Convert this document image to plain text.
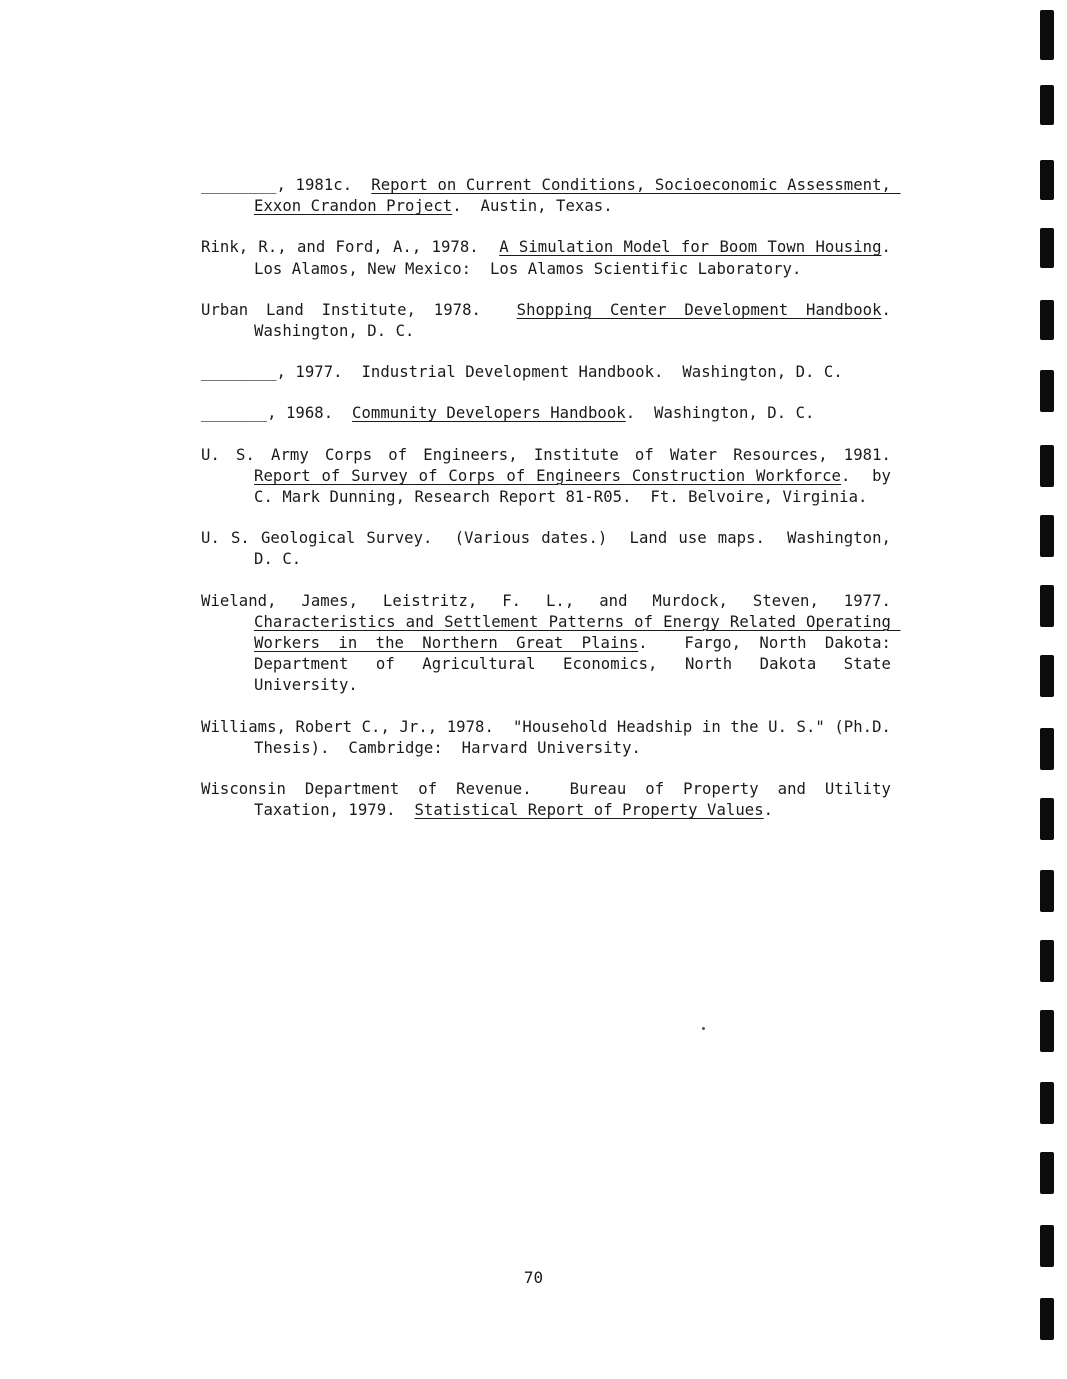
________, 1981c.  Report on Current Conditions, Socioeconomic Assessment, Exxon Crandon Project.  Austin, Texas.

Rink, R., and Ford, A., 1978.  A Simulation Model for Boom Town Housing.  Los Alamos, New Mexico:  Los Alamos Scientific Laboratory.

Urban Land Institute, 1978.  Shopping Center Development Handbook.  Washington, D. C.

________, 1977.  Industrial Development Handbook.  Washington, D. C.

_______, 1968.  Community Developers Handbook.  Washington, D. C.

U. S. Army Corps of Engineers, Institute of Water Resources, 1981.  Report of Survey of Corps of Engineers Construction Workforce.  by C. Mark Dunning, Research Report 81-R05.  Ft. Belvoire, Virginia.

U. S. Geological Survey.  (Various dates.)  Land use maps.  Washington, D. C.

Wieland, James, Leistritz, F. L., and Murdock, Steven, 1977.  Characteristics and Settlement Patterns of Energy Related Operating Workers in the Northern Great Plains.  Fargo, North Dakota:  Department of Agricultural Economics, North Dakota State University.

Williams, Robert C., Jr., 1978.  "Household Headship in the U. S." (Ph.D. Thesis).  Cambridge:  Harvard University.

Wisconsin Department of Revenue.  Bureau of Property and Utility Taxation, 1979.  Statistical Report of Property Values.

70
